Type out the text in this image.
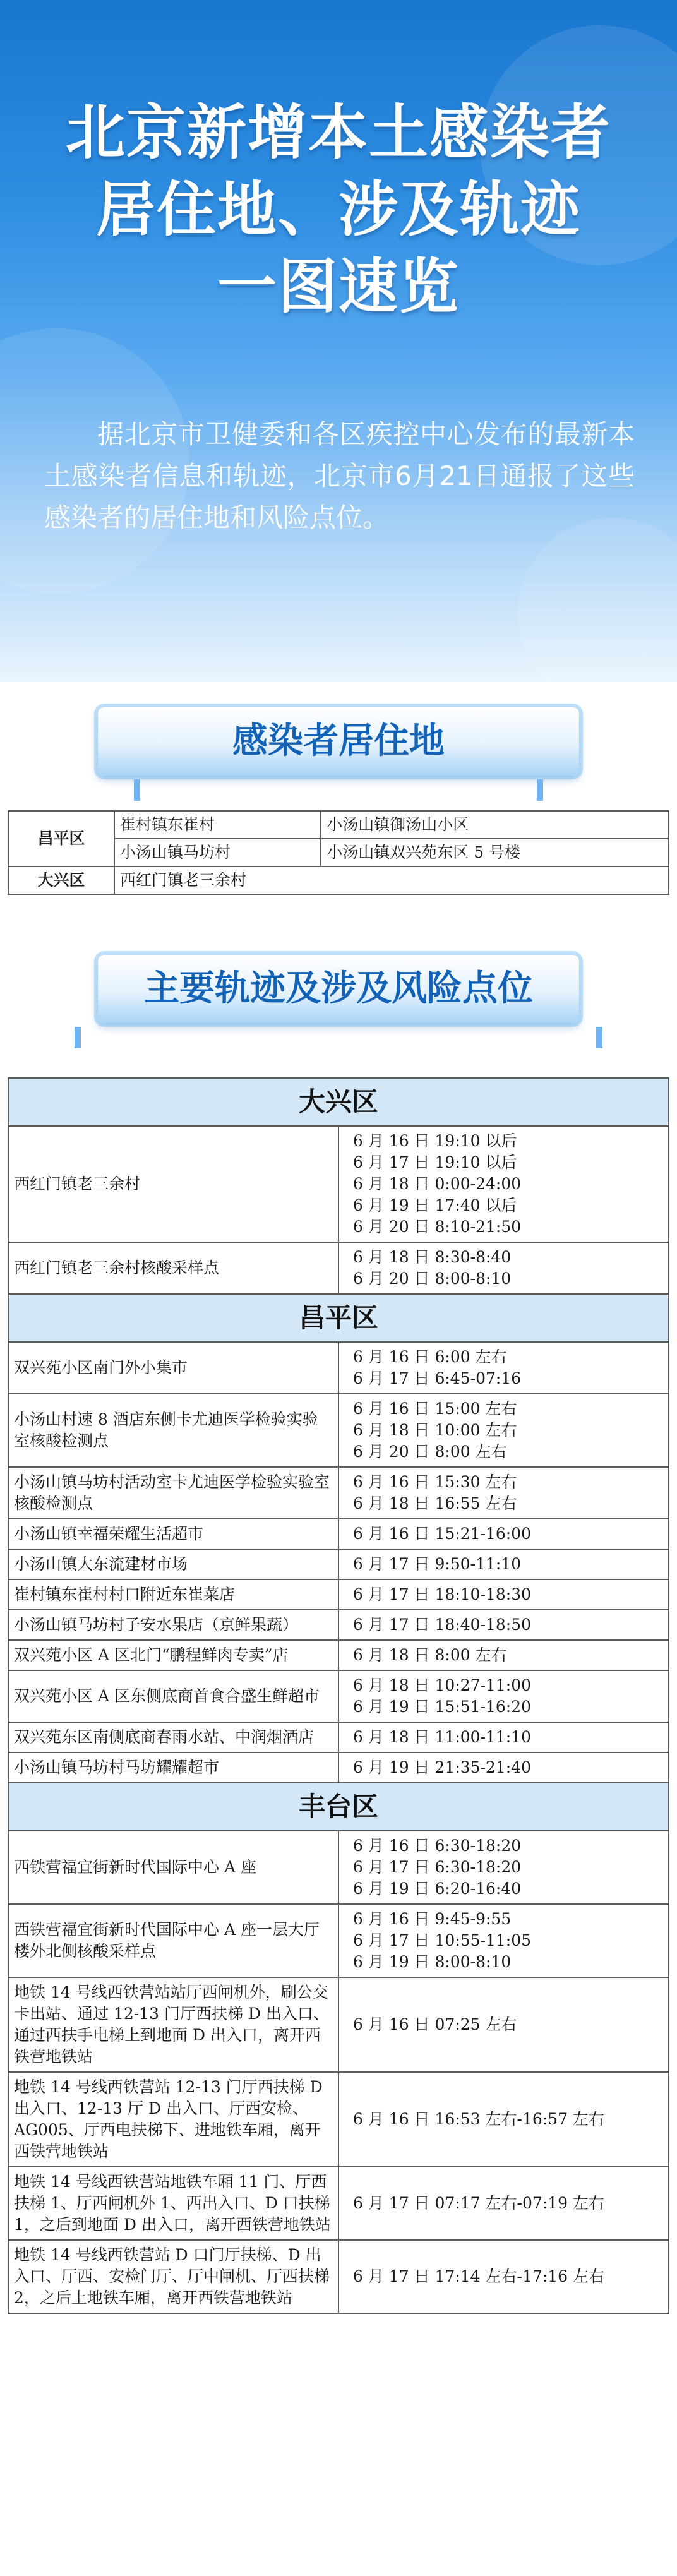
北京新增本土感染者
居住地、涉及轨迹
一图速览

据北京市卫健委和各区疾控中心发布的最新本土感染者信息和轨迹，北京市6月21日通报了这些感染者的居住地和风险点位。

感染者居住地
昌平区	崔村镇东崔村	小汤山镇御汤山小区
	小汤山镇马坊村	小汤山镇双兴苑东区 5 号楼
大兴区	西红门镇老三余村	
主要轨迹及涉及风险点位
大兴区	
西红门镇老三余村	6 月 16 日 19:10 以后
6 月 17 日 19:10 以后
6 月 18 日 0:00-24:00
6 月 19 日 17:40 以后
6 月 20 日 8:10-21:50

西红门镇老三余村核酸采样点	6 月 18 日 8:30-8:40
6 月 20 日 8:00-8:10

昌平区	
双兴苑小区南门外小集市	6 月 16 日 6:00 左右
6 月 17 日 6:45-07:16

小汤山村速 8 酒店东侧卡尤迪医学检验实验室核酸检测点	6 月 16 日 15:00 左右
6 月 18 日 10:00 左右
6 月 20 日 8:00 左右

小汤山镇马坊村活动室卡尤迪医学检验实验室核酸检测点	6 月 16 日 15:30 左右
6 月 18 日 16:55 左右

小汤山镇幸福荣耀生活超市	6 月 16 日 15:21-16:00

小汤山镇大东流建材市场	6 月 17 日 9:50-11:10

崔村镇东崔村村口附近东崔菜店	6 月 17 日 18:10-18:30

小汤山镇马坊村子安水果店（京鲜果蔬）	6 月 17 日 18:40-18:50

双兴苑小区 A 区北门“鹏程鲜肉专卖”店	6 月 18 日 8:00 左右

双兴苑小区 A 区东侧底商首食合盛生鲜超市	6 月 18 日 10:27-11:00
6 月 19 日 15:51-16:20

双兴苑东区南侧底商春雨水站、中润烟酒店	6 月 18 日 11:00-11:10

小汤山镇马坊村马坊耀耀超市	6 月 19 日 21:35-21:40

丰台区	
西铁营福宜街新时代国际中心 A 座	6 月 16 日 6:30-18:20
6 月 17 日 6:30-18:20
6 月 19 日 6:20-16:40

西铁营福宜街新时代国际中心 A 座一层大厅楼外北侧核酸采样点	6 月 16 日 9:45-9:55
6 月 17 日 10:55-11:05
6 月 19 日 8:00-8:10

地铁 14 号线西铁营站站厅西闸机外，刷公交卡出站、通过 12-13 门厅西扶梯 D 出入口、通过西扶手电梯上到地面 D 出入口，离开西铁营地铁站	6 月 16 日 07:25 左右

地铁 14 号线西铁营站 12-13 门厅西扶梯 D 出入口、12-13 厅 D 出入口、厅西安检、AG005、厅西电扶梯下、进地铁车厢，离开西铁营地铁站	6 月 16 日 16:53 左右-16:57 左右

地铁 14 号线西铁营站地铁车厢 11 门、厅西扶梯 1、厅西闸机外 1、西出入口、D 口扶梯 1，之后到地面 D 出入口，离开西铁营地铁站	6 月 17 日 07:17 左右-07:19 左右

地铁 14 号线西铁营站 D 口门厅扶梯、D 出入口、厅西、安检门厅、厅中闸机、厅西扶梯 2，之后上地铁车厢，离开西铁营地铁站	6 月 17 日 17:14 左右-17:16 左右
